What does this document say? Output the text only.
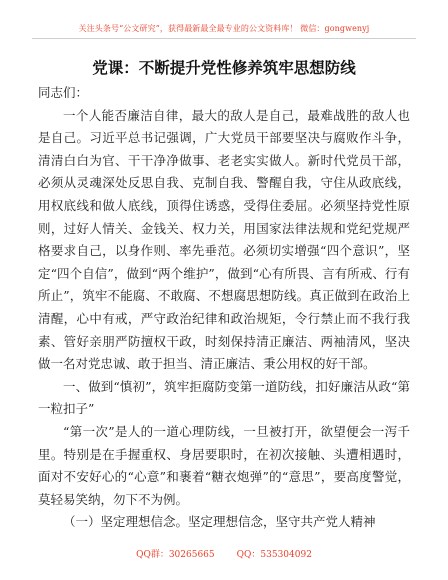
关注头条号“公文研究”，获得最新最全最专业的公文资料库！ 微信：gongwenyj
党课：不断提升党性修养筑牢思想防线

同志们：

一个人能否廉洁自律，最大的敌人是自己，最难战胜的敌人也是自己。习近平总书记强调，广大党员干部要坚决与腐败作斗争，清清白白为官、干干净净做事、老老实实做人。新时代党员干部，必须从灵魂深处反思自我、克制自我、警醒自我，守住从政底线，用权底线和做人底线，顶得住诱惑，受得住委屈。必须坚持党性原则，过好人情关、金钱关、权力关，用国家法律法规和党纪党规严格要求自己，以身作则、率先垂范。必须切实增强“四个意识”，坚定“四个自信”，做到“两个维护”，做到“心有所畏、言有所戒、行有所止”，筑牢不能腐、不敢腐、不想腐思想防线。真正做到在政治上清醒，心中有戒，严守政治纪律和政治规矩，令行禁止而不我行我素、管好亲朋严防擅权干政，时刻保持清正廉洁、两袖清风，坚决做一名对党忠诚、敢于担当、清正廉洁、秉公用权的好干部。

一、做到“慎初”，筑牢拒腐防变第一道防线，扣好廉洁从政“第一粒扣子”

“第一次”是人的一道心理防线，一旦被打开，欲望便会一泻千里。特别是在手握重权、身居要职时，在初次接触、头遭相遇时，面对不安好心的“心意”和裹着“糖衣炮弹”的“意思”，要高度警觉，莫轻易笑纳，勿下不为例。

（一）坚定理想信念。坚定理想信念，坚守共产党人精神

QQ群：30265665 QQ：535304092
